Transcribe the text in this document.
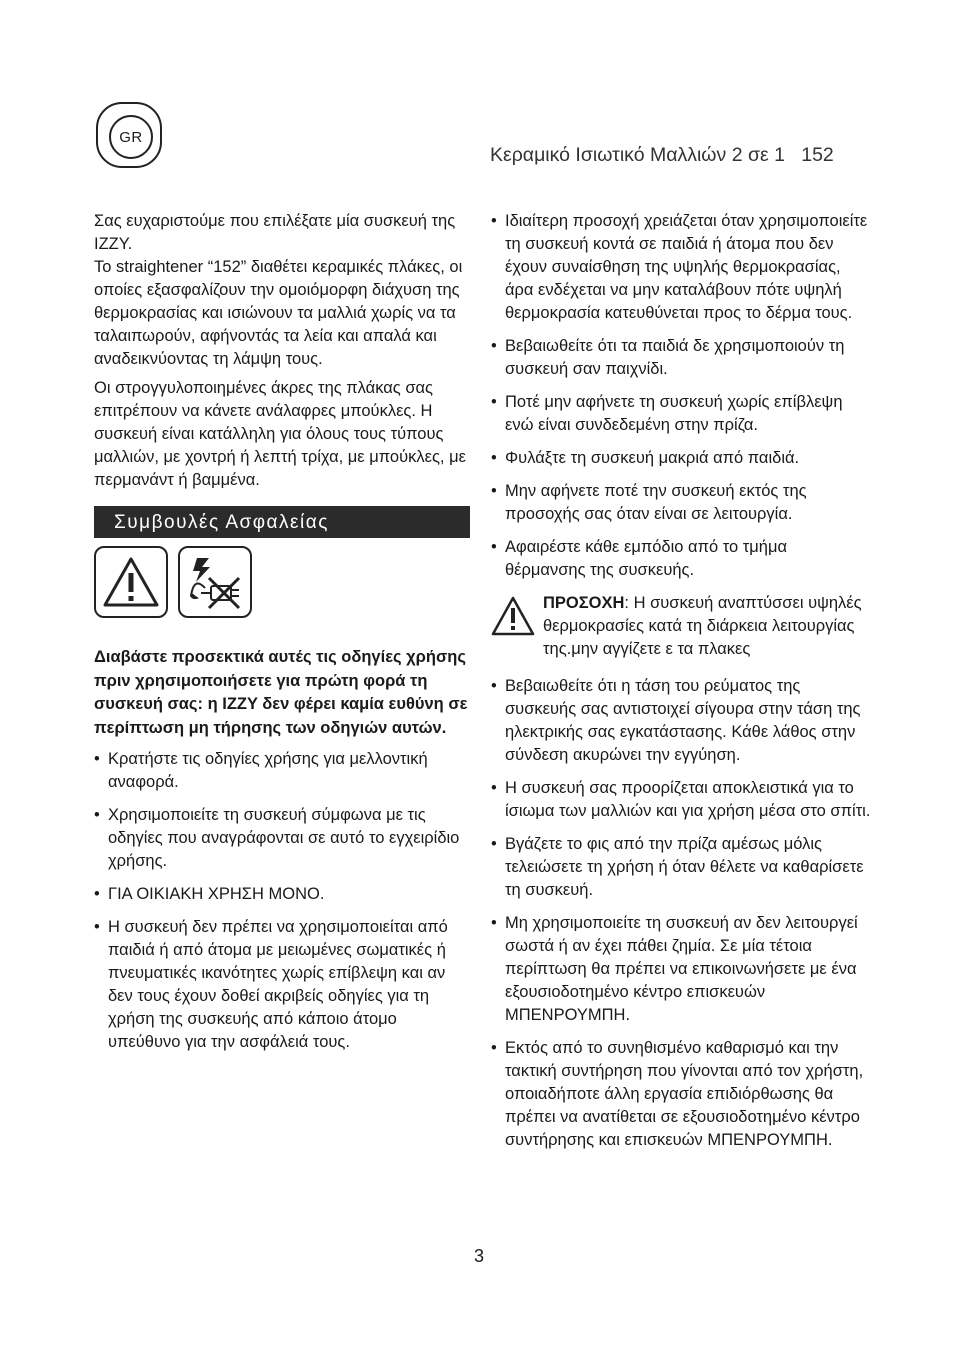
GR
Κεραμικό Ισιωτικό Μαλλιών 2 σε 1 152

Σας ευχαριστούμε που επιλέξατε μία συσκευή της IZZY.

Το straightener “152” διαθέτει κεραμικές πλάκες, οι οποίες εξασφαλίζουν την ομοιόμορφη διάχυση της θερμοκρασίας και ισιώνουν τα μαλλιά χωρίς να τα ταλαιπωρούν, αφήνοντάς τα λεία και απαλά και αναδεικνύοντας τη λάμψη τους.

Οι στρογγυλοποιημένες άκρες της πλάκας σας επιτρέπουν να κάνετε ανάλαφρες μπούκλες. Η συσκευή είναι κατάλληλη για όλους τους τύπους μαλλιών, με χοντρή ή λεπτή τρίχα, με μπούκλες, με περμανάντ ή βαμμένα.

Συμβουλές Ασφαλείας

Διαβάστε προσεκτικά αυτές τις οδηγίες χρήσης πριν χρησιμοποιήσετε για πρώτη φορά τη συσκευή σας: η IZZY δεν φέρει καμία ευθύνη σε περίπτωση μη τήρησης των οδηγιών αυτών.

• Κρατήστε τις οδηγίες χρήσης για μελλοντική αναφορά.
• Χρησιμοποιείτε τη συσκευή σύμφωνα με τις οδηγίες που αναγράφονται σε αυτό το εγχειρίδιο χρήσης.
• ΓΙΑ ΟΙΚΙΑΚΗ ΧΡΗΣΗ ΜΟΝΟ.
• Η συσκευή δεν πρέπει να χρησιμοποιείται από παιδιά ή από άτομα με μειωμένες σωματικές ή πνευματικές ικανότητες χωρίς επίβλεψη και αν δεν τους έχουν δοθεί ακριβείς οδηγίες για τη χρήση της συσκευής από κάποιο άτομο υπεύθυνο για την ασφάλειά τους.
• Ιδιαίτερη προσοχή χρειάζεται όταν χρησιμοποιείτε τη συσκευή κοντά σε παιδιά ή άτομα που δεν έχουν συναίσθηση της υψηλής θερμοκρασίας, άρα ενδέχεται να μην καταλάβουν πότε υψηλή θερμοκρασία κατευθύνεται προς το δέρμα τους.
• Βεβαιωθείτε ότι τα παιδιά δε χρησιμοποιούν τη συσκευή σαν παιχνίδι.
• Ποτέ μην αφήνετε τη συσκευή χωρίς επίβλεψη ενώ είναι συνδεδεμένη στην πρίζα.
• Φυλάξτε τη συσκευή μακριά από παιδιά.
• Μην αφήνετε ποτέ την συσκευή εκτός της προσοχής σας όταν είναι σε λειτουργία.
• Αφαιρέστε κάθε εμπόδιο από το τμήμα θέρμανσης της συσκευής.
ΠΡΟΣΟΧΗ: Η συσκευή αναπτύσσει υψηλές θερμοκρασίες κατά τη διάρκεια λειτουργίας της.μην αγγίζετε ε τα πλακες
• Βεβαιωθείτε ότι η τάση του ρεύματος της συσκευής σας αντιστοιχεί σίγουρα στην τάση της ηλεκτρικής σας εγκατάστασης. Κάθε λάθος στην σύνδεση ακυρώνει την εγγύηση.
• Η συσκευή σας προορίζεται αποκλειστικά για το ίσιωμα των μαλλιών και για χρήση μέσα στο σπίτι.
• Βγάζετε το φις από την πρίζα αμέσως μόλις τελειώσετε τη χρήση ή όταν θέλετε να καθαρίσετε τη συσκευή.
• Μη χρησιμοποιείτε τη συσκευή αν δεν λειτουργεί σωστά ή αν έχει πάθει ζημία. Σε μία τέτοια περίπτωση θα πρέπει να επικοινωνήσετε με ένα εξουσιοδοτημένο κέντρο επισκευών ΜΠΕΝΡΟΥΜΠΗ.
• Εκτός από το συνηθισμένο καθαρισμό και την τακτική συντήρηση που γίνονται από τον χρήστη, οποιαδήποτε άλλη εργασία επιδιόρθωσης θα πρέπει να ανατίθεται σε εξουσιοδοτημένο κέντρο συντήρησης και επισκευών ΜΠΕΝΡΟΥΜΠΗ.
3
